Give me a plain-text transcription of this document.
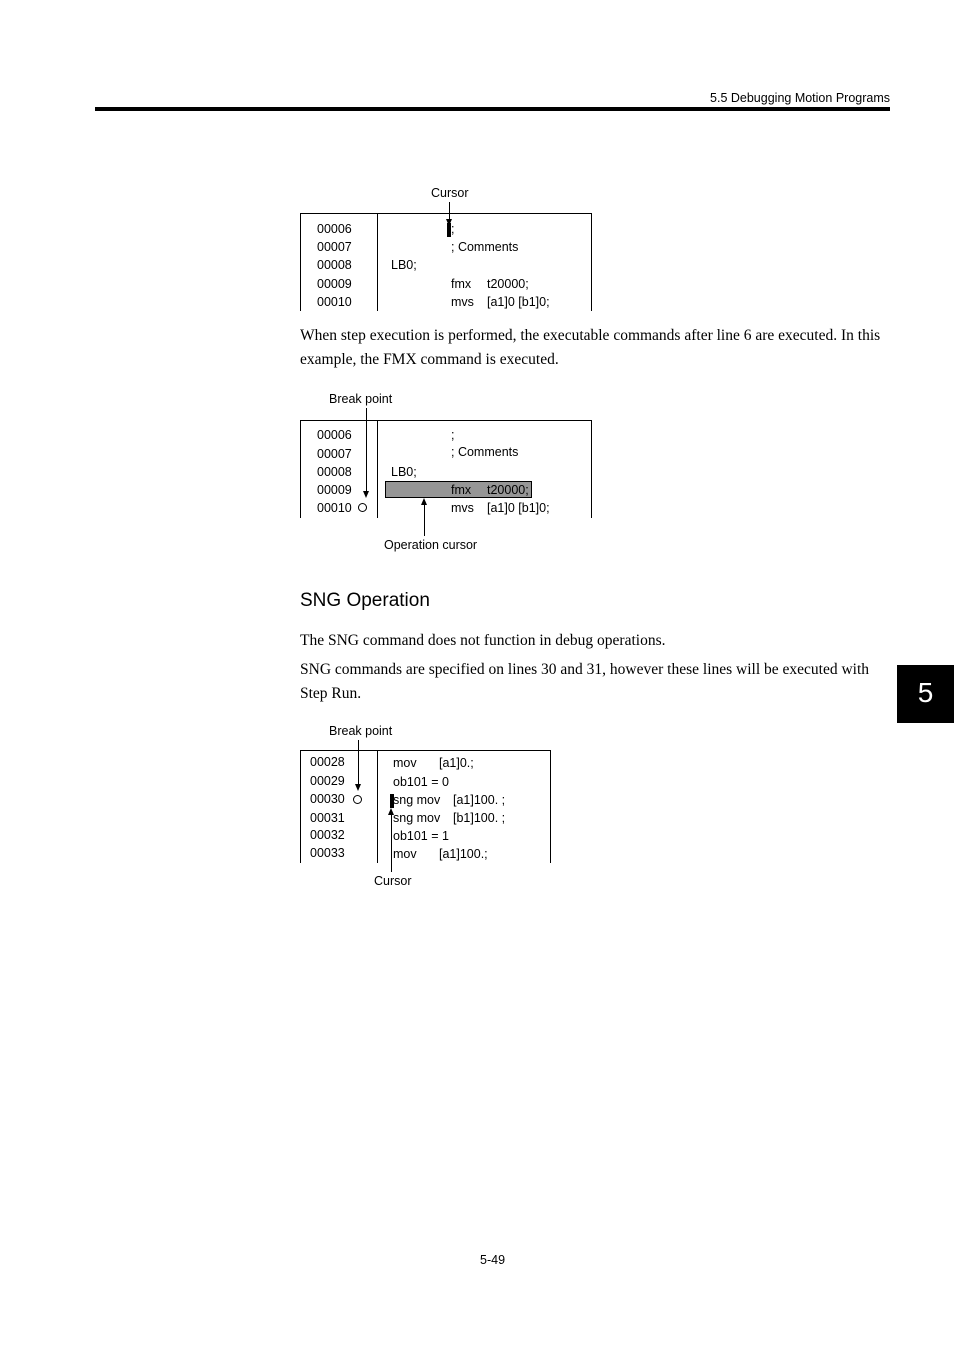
5.5 Debugging Motion Programs
Cursor
00006	;
00007	; Comments
00008	LB0;
00009	fmx t20000;
00010	mvs [a1]0 [b1]0;
When step execution is performed, the executable commands after line 6 are executed. In this example, the FMX command is executed.
Break point
00006	;
00007	; Comments
00008	LB0;
00009	fmx t20000;
00010	mvs [a1]0 [b1]0;
Operation cursor
SNG Operation
The SNG command does not function in debug operations.
SNG commands are specified on lines 30 and 31, however these lines will be executed with Step Run.	5
Break point
00028	mov [a1]0.;
00029	ob101 = 0
00030	sng mov [a1]100. ;
00031	sng mov [b1]100. ;
00032	ob101 = 1
00033	mov [a1]100.;
Cursor
5-49
